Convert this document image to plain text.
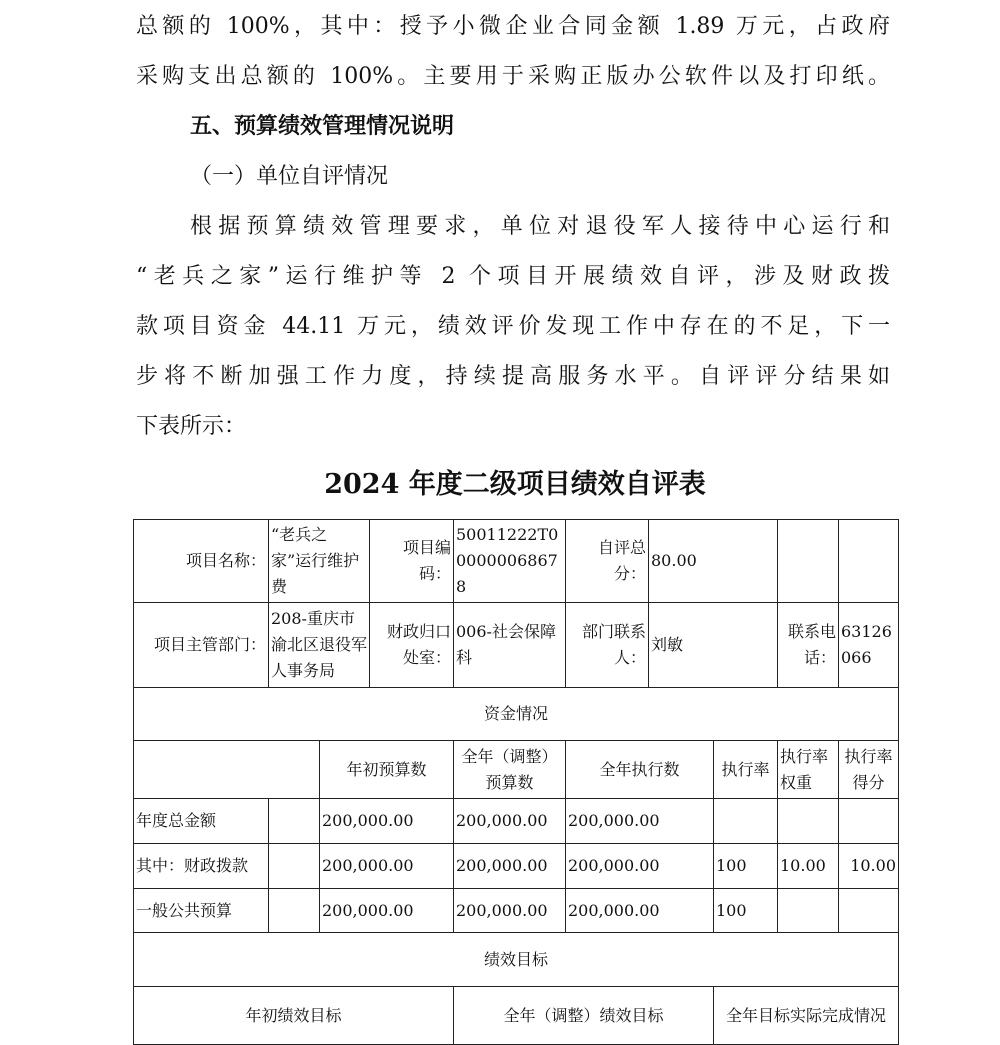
总额的 100%，其中：授予小微企业合同金额 1.89 万元，占政府
采购支出总额的 100%。主要用于采购正版办公软件以及打印纸。
五、预算绩效管理情况说明
（一）单位自评情况
根据预算绩效管理要求，单位对退役军人接待中心运行和
“老兵之家”运行维护等 2 个项目开展绩效自评，涉及财政拨
款项目资金 44.11 万元，绩效评价发现工作中存在的不足，下一
步将不断加强工作力度，持续提高服务水平。自评评分结果如
下表所示：
2024 年度二级项目绩效自评表
项目名称：	“老兵之家”运行维护费		项目编码：	50011222T000000068678	自评总分：	80.00			
项目主管部门：	208-重庆市渝北区退役军人事务局		财政归口处室：	006-社会保障科	部门联系人：	刘敏		联系电话：	63126066
资金情况									
		年初预算数		全年（调整）预算数	全年执行数		执行率	执行率权重	执行率得分
年度总金额		200,000.00		200,000.00	200,000.00				
其中：财政拨款		200,000.00		200,000.00	200,000.00		100	10.00	10.00
一般公共预算		200,000.00		200,000.00	200,000.00		100		
绩效目标									
年初绩效目标				全年（调整）绩效目标			全年目标实际完成情况		
